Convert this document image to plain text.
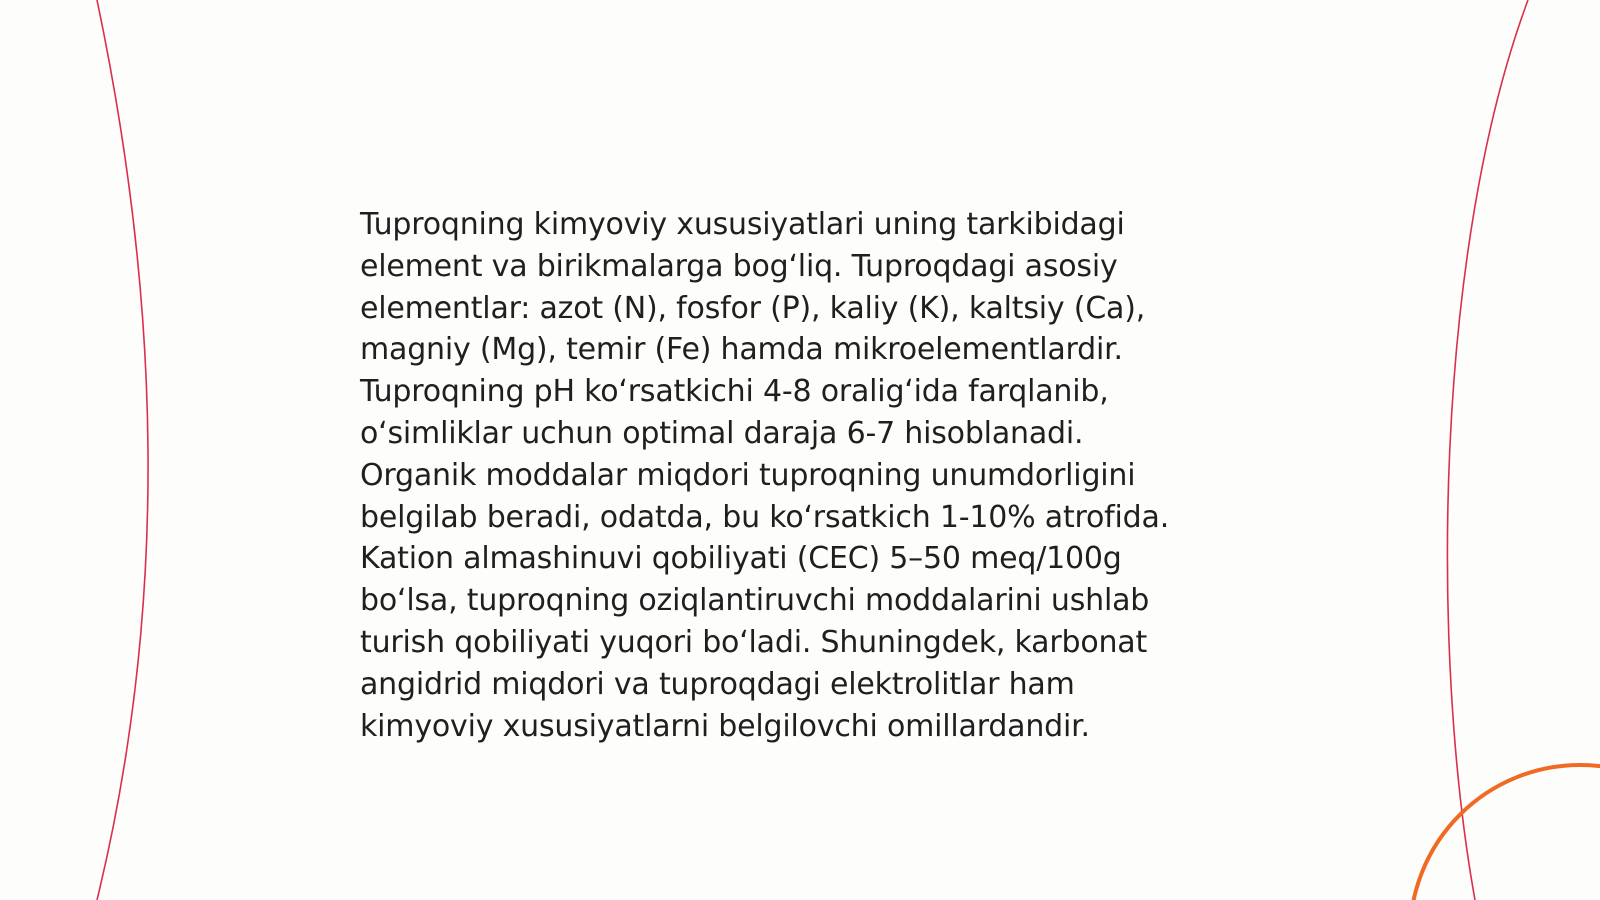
Tuproqning kimyoviy xususiyatlari uning tarkibidagi
element va birikmalarga bog‘liq. Tuproqdagi asosiy
elementlar: azot (N), fosfor (P), kaliy (K), kaltsiy (Ca),
magniy (Mg), temir (Fe) hamda mikroelementlardir.
Tuproqning pH ko‘rsatkichi 4-8 oralig‘ida farqlanib,
o‘simliklar uchun optimal daraja 6-7 hisoblanadi.
Organik moddalar miqdori tuproqning unumdorligini
belgilab beradi, odatda, bu ko‘rsatkich 1-10% atrofida.
Kation almashinuvi qobiliyati (CEC) 5–50 meq/100g
bo‘lsa, tuproqning oziqlantiruvchi moddalarini ushlab
turish qobiliyati yuqori bo‘ladi. Shuningdek, karbonat
angidrid miqdori va tuproqdagi elektrolitlar ham
kimyoviy xususiyatlarni belgilovchi omillardandir.
